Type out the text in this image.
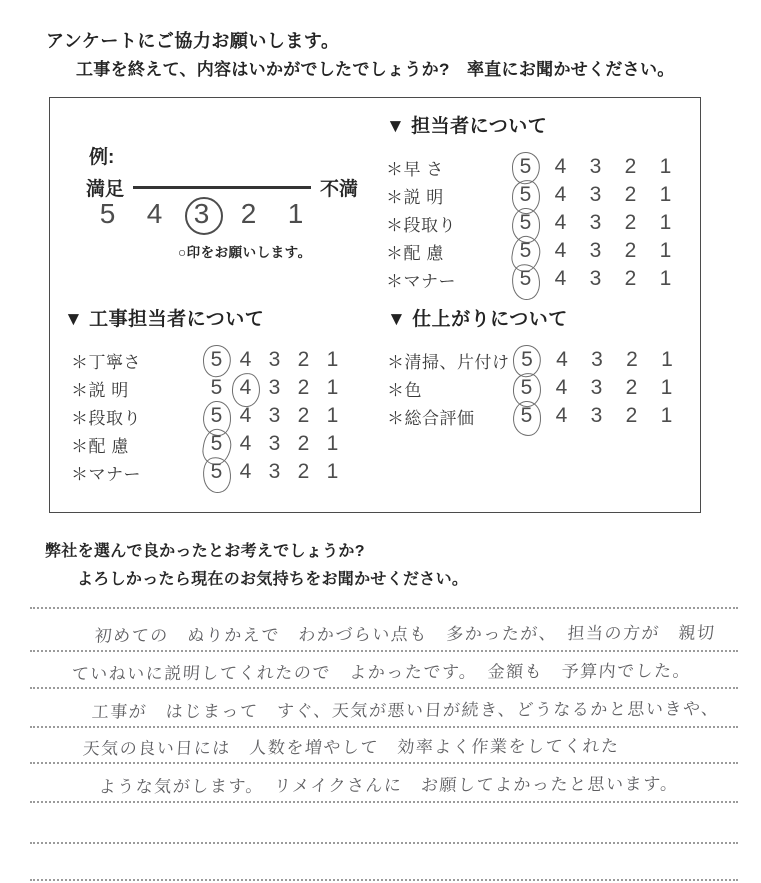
アンケートにご協力お願いします。
工事を終えて、内容はいかがでしたでしょうか?　率直にお聞かせください。
例:
満足	不満
5	4	3	2	1
○印をお願いします。
▼ 担当者について
＊早 さ	5	4	3	2	1
＊説 明	5	4	3	2	1
＊段取り	5	4	3	2	1
＊配 慮	5	4	3	2	1
＊マナー	5	4	3	2	1
▼ 工事担当者について
＊丁寧さ	5 4 3 2 1
＊説 明	5 4 3 2 1
＊段取り	5 4 3 2 1
＊配 慮	5 4 3 2 1
＊マナー	5 4 3 2 1
▼ 仕上がりについて
＊清掃、片付け 5	4	3	2	1
＊色	5	4	3	2	1
＊総合評価	5	4	3	2	1
弊社を選んで良かったとお考えでしょうか?
よろしかったら現在のお気持ちをお聞かせください。
初めての　ぬりかえで　わかづらい点も　多かったが、　担当の方が　親切
ていねいに説明してくれたので　よかったです。　金額も　予算内でした。
工事が　はじまって　すぐ、天気が悪い日が続き、どうなるかと思いきや、
天気の良い日には　人数を増やして　効率よく作業をしてくれた
ような気がします。　リメイクさんに　お願してよかったと思います。
